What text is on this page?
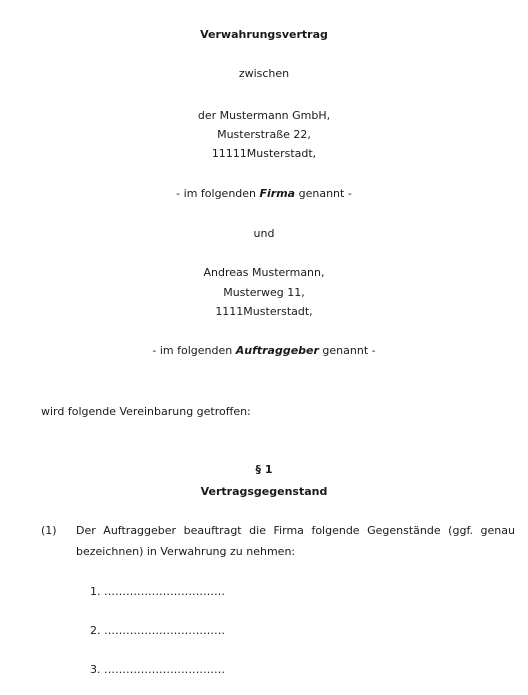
Verwahrungsvertrag
zwischen
der Mustermann GmbH,
Musterstraße 22,
11111Musterstadt,
- im folgenden Firma genannt -
und
Andreas Mustermann,
Musterweg 11,
1111Musterstadt,
- im folgenden Auftraggeber genannt -
wird folgende Vereinbarung getroffen:
§ 1
Vertragsgegenstand
(1) Der Auftraggeber beauftragt die Firma folgende Gegenstände (ggf. genau
bezeichnen) in Verwahrung zu nehmen:
1. ……………………………
2. ……………………………
3. ……………………………
